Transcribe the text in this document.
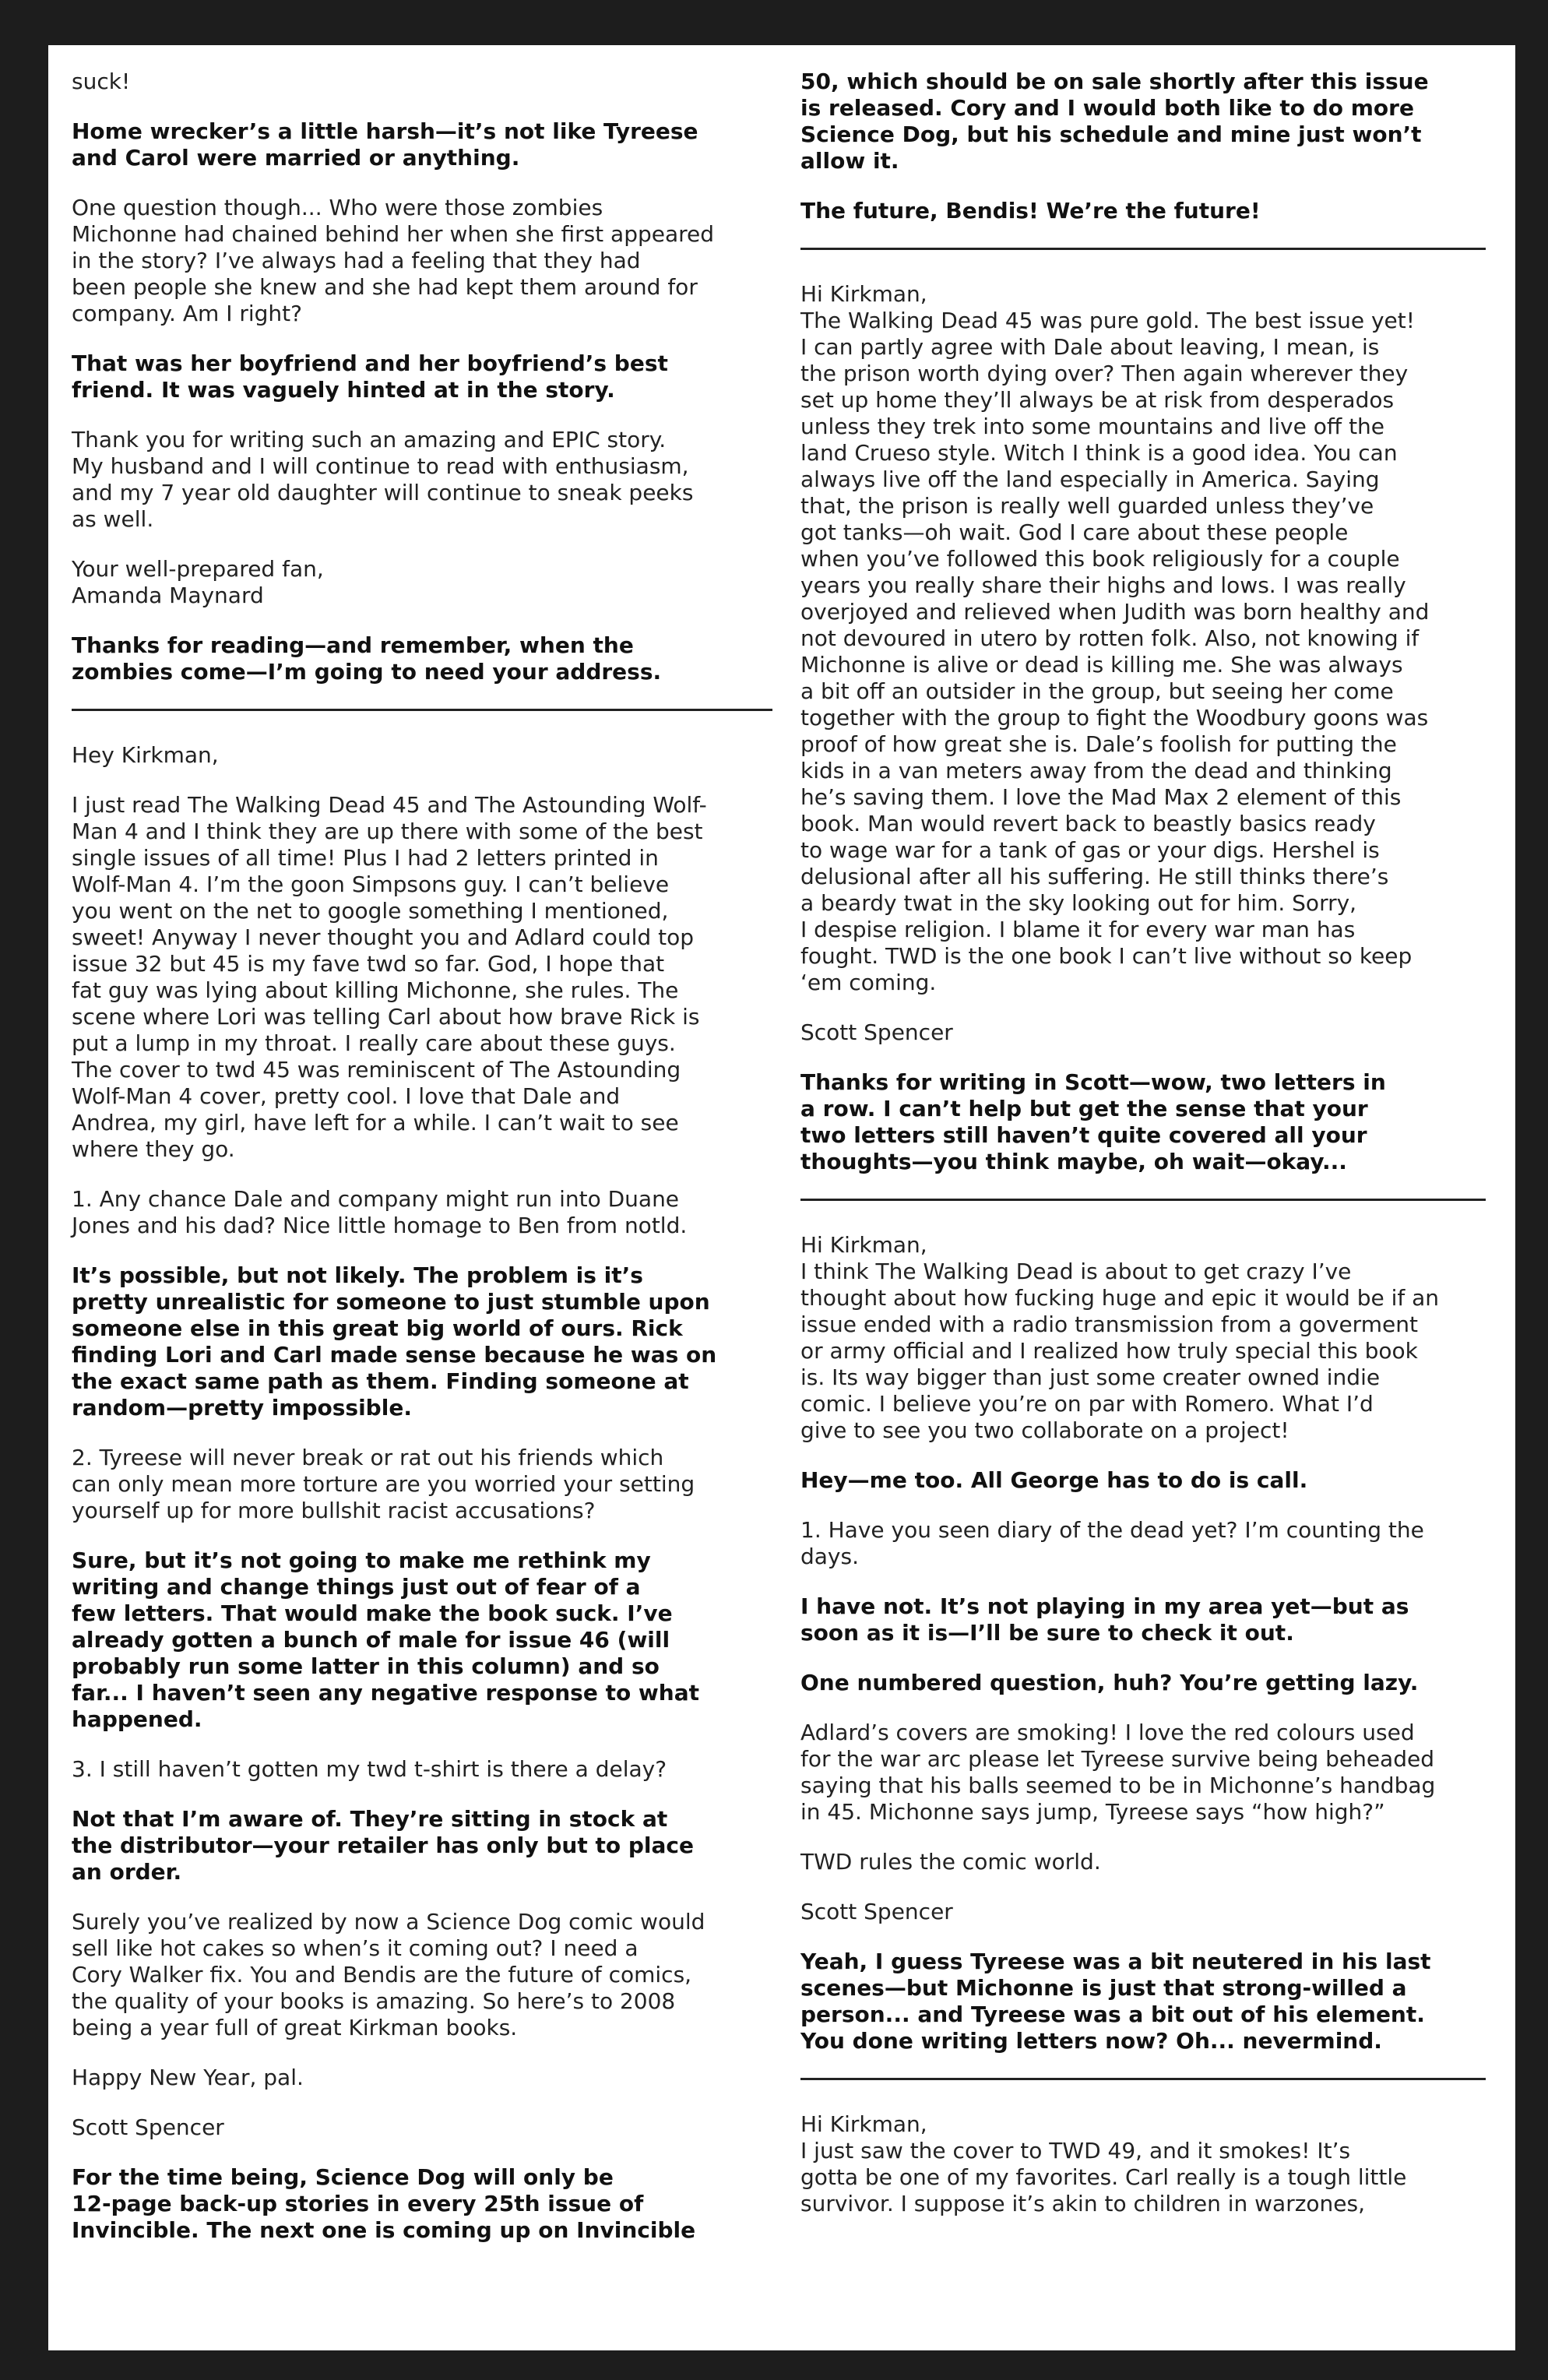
suck!
Home wrecker’s a little harsh—it’s not like Tyreese
and Carol were married or anything.
One question though... Who were those zombies
Michonne had chained behind her when she first appeared
in the story? I’ve always had a feeling that they had
been people she knew and she had kept them around for
company. Am I right?
That was her boyfriend and her boyfriend’s best
friend. It was vaguely hinted at in the story.
Thank you for writing such an amazing and EPIC story.
My husband and I will continue to read with enthusiasm,
and my 7 year old daughter will continue to sneak peeks
as well.
Your well-prepared fan,
Amanda Maynard
Thanks for reading—and remember, when the
zombies come—I’m going to need your address.
Hey Kirkman,
I just read The Walking Dead 45 and The Astounding Wolf-
Man 4 and I think they are up there with some of the best
single issues of all time! Plus I had 2 letters printed in
Wolf-Man 4. I’m the goon Simpsons guy. I can’t believe
you went on the net to google something I mentioned,
sweet! Anyway I never thought you and Adlard could top
issue 32 but 45 is my fave twd so far. God, I hope that
fat guy was lying about killing Michonne, she rules. The
scene where Lori was telling Carl about how brave Rick is
put a lump in my throat. I really care about these guys.
The cover to twd 45 was reminiscent of The Astounding
Wolf-Man 4 cover, pretty cool. I love that Dale and
Andrea, my girl, have left for a while. I can’t wait to see
where they go.
1. Any chance Dale and company might run into Duane
Jones and his dad? Nice little homage to Ben from notld.
It’s possible, but not likely. The problem is it’s
pretty unrealistic for someone to just stumble upon
someone else in this great big world of ours. Rick
finding Lori and Carl made sense because he was on
the exact same path as them. Finding someone at
random—pretty impossible.
2. Tyreese will never break or rat out his friends which
can only mean more torture are you worried your setting
yourself up for more bullshit racist accusations?
Sure, but it’s not going to make me rethink my
writing and change things just out of fear of a
few letters. That would make the book suck. I’ve
already gotten a bunch of male for issue 46 (will
probably run some latter in this column) and so
far... I haven’t seen any negative response to what
happened.
3. I still haven’t gotten my twd t-shirt is there a delay?
Not that I’m aware of. They’re sitting in stock at
the distributor—your retailer has only but to place
an order.
Surely you’ve realized by now a Science Dog comic would
sell like hot cakes so when’s it coming out? I need a
Cory Walker fix. You and Bendis are the future of comics,
the quality of your books is amazing. So here’s to 2008
being a year full of great Kirkman books.
Happy New Year, pal.
Scott Spencer
For the time being, Science Dog will only be
12-page back-up stories in every 25th issue of
Invincible. The next one is coming up on Invincible
50, which should be on sale shortly after this issue
is released. Cory and I would both like to do more
Science Dog, but his schedule and mine just won’t
allow it.
The future, Bendis! We’re the future!
Hi Kirkman,
The Walking Dead 45 was pure gold. The best issue yet!
I can partly agree with Dale about leaving, I mean, is
the prison worth dying over? Then again wherever they
set up home they’ll always be at risk from desperados
unless they trek into some mountains and live off the
land Crueso style. Witch I think is a good idea. You can
always live off the land especially in America. Saying
that, the prison is really well guarded unless they’ve
got tanks—oh wait. God I care about these people
when you’ve followed this book religiously for a couple
years you really share their highs and lows. I was really
overjoyed and relieved when Judith was born healthy and
not devoured in utero by rotten folk. Also, not knowing if
Michonne is alive or dead is killing me. She was always
a bit off an outsider in the group, but seeing her come
together with the group to fight the Woodbury goons was
proof of how great she is. Dale’s foolish for putting the
kids in a van meters away from the dead and thinking
he’s saving them. I love the Mad Max 2 element of this
book. Man would revert back to beastly basics ready
to wage war for a tank of gas or your digs. Hershel is
delusional after all his suffering. He still thinks there’s
a beardy twat in the sky looking out for him. Sorry,
I despise religion. I blame it for every war man has
fought. TWD is the one book I can’t live without so keep
‘em coming.
Scott Spencer
Thanks for writing in Scott—wow, two letters in
a row. I can’t help but get the sense that your
two letters still haven’t quite covered all your
thoughts—you think maybe, oh wait—okay...
Hi Kirkman,
I think The Walking Dead is about to get crazy I’ve
thought about how fucking huge and epic it would be if an
issue ended with a radio transmission from a goverment
or army official and I realized how truly special this book
is. Its way bigger than just some creater owned indie
comic. I believe you’re on par with Romero. What I’d
give to see you two collaborate on a project!
Hey—me too. All George has to do is call.
1. Have you seen diary of the dead yet? I’m counting the
days.
I have not. It’s not playing in my area yet—but as
soon as it is—I’ll be sure to check it out.
One numbered question, huh? You’re getting lazy.
Adlard’s covers are smoking! I love the red colours used
for the war arc please let Tyreese survive being beheaded
saying that his balls seemed to be in Michonne’s handbag
in 45. Michonne says jump, Tyreese says “how high?”
TWD rules the comic world.
Scott Spencer
Yeah, I guess Tyreese was a bit neutered in his last
scenes—but Michonne is just that strong-willed a
person... and Tyreese was a bit out of his element.
You done writing letters now? Oh... nevermind.
Hi Kirkman,
I just saw the cover to TWD 49, and it smokes! It’s
gotta be one of my favorites. Carl really is a tough little
survivor. I suppose it’s akin to children in warzones,
